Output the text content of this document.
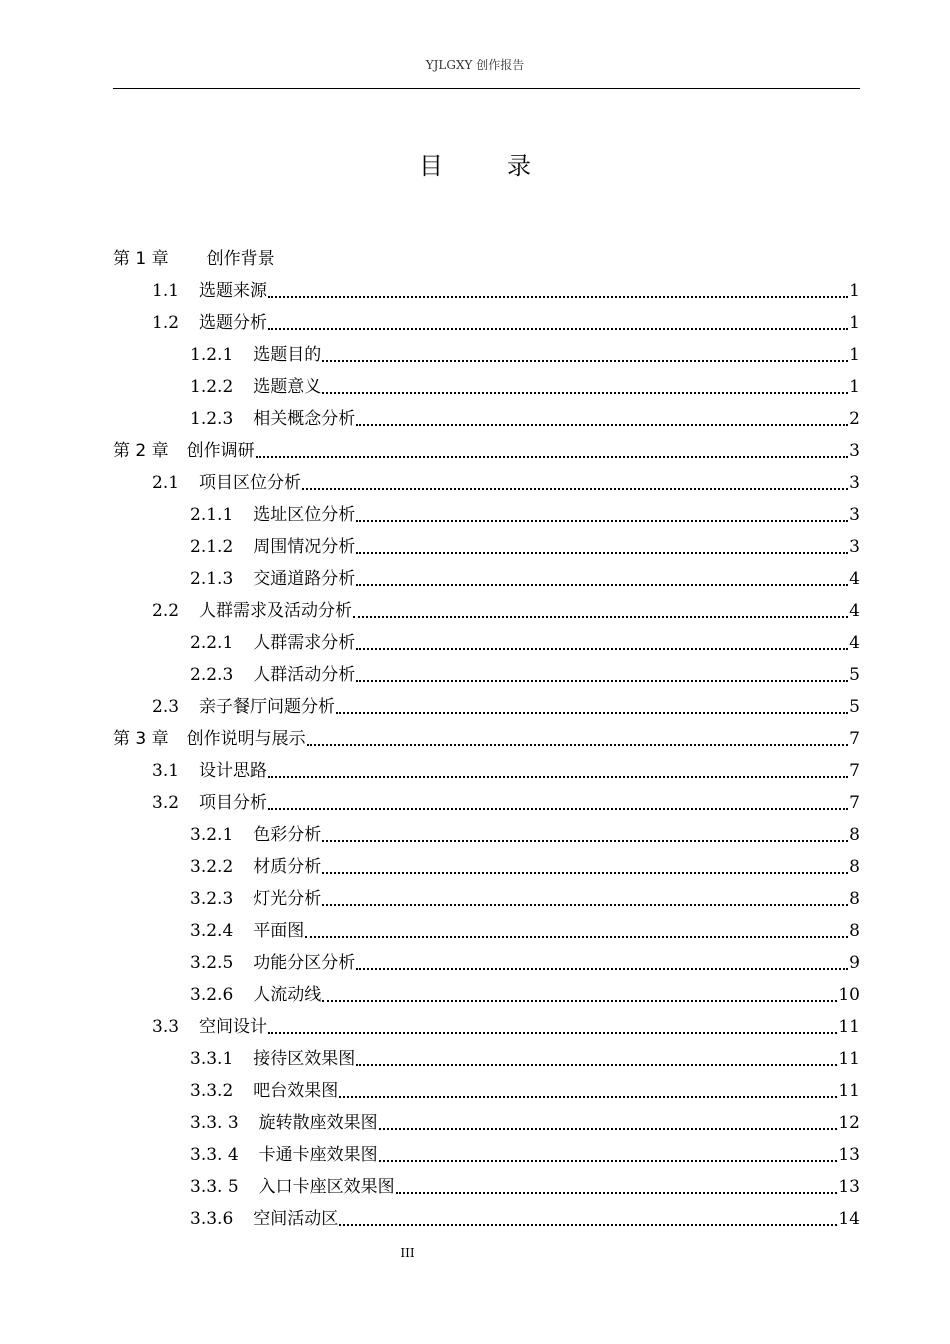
YJLGXY 创作报告
目录
第 1 章 创作背景
1.1 选题来源	1
1.2 选题分析	1
1.2.1 选题目的	1
1.2.2 选题意义	1
1.2.3 相关概念分析	2
第 2 章 创作调研	3
2.1 项目区位分析	3
2.1.1 选址区位分析	3
2.1.2 周围情况分析	3
2.1.3 交通道路分析	4
2.2 人群需求及活动分析	4
2.2.1 人群需求分析	4
2.2.3 人群活动分析	5
2.3 亲子餐厅问题分析	5
第 3 章 创作说明与展示	7
3.1 设计思路	7
3.2 项目分析	7
3.2.1 色彩分析	8
3.2.2 材质分析	8
3.2.3 灯光分析	8
3.2.4 平面图	8
3.2.5 功能分区分析	9
3.2.6 人流动线	10
3.3 空间设计	11
3.3.1 接待区效果图	11
3.3.2 吧台效果图	11
3.3. 3 旋转散座效果图	12
3.3. 4 卡通卡座效果图	13
3.3. 5 入口卡座区效果图	13
3.3.6 空间活动区	14
III
